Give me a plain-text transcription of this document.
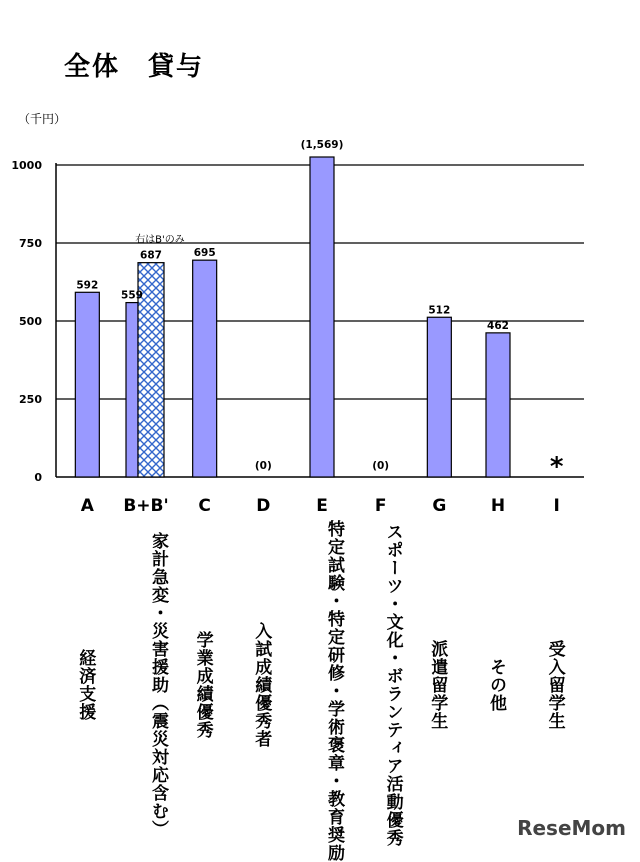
全体　貸与
（千円）
0
250
500
750
1000
592
559
687	695
(0)
(1,569)
(0)
512
462
*
右はB'のみ
A
経済支援
B+B'
家計急変・災害援助（震災対応含む）
C
学業成績優秀
D
入試成績優秀者
E
特定試験・特定研修・学術褒章・教育奨励
F
スポーツ・文化・ボランティア活動優秀
G
派遣留学生
H
その他
I
受入留学生
ReseMom
